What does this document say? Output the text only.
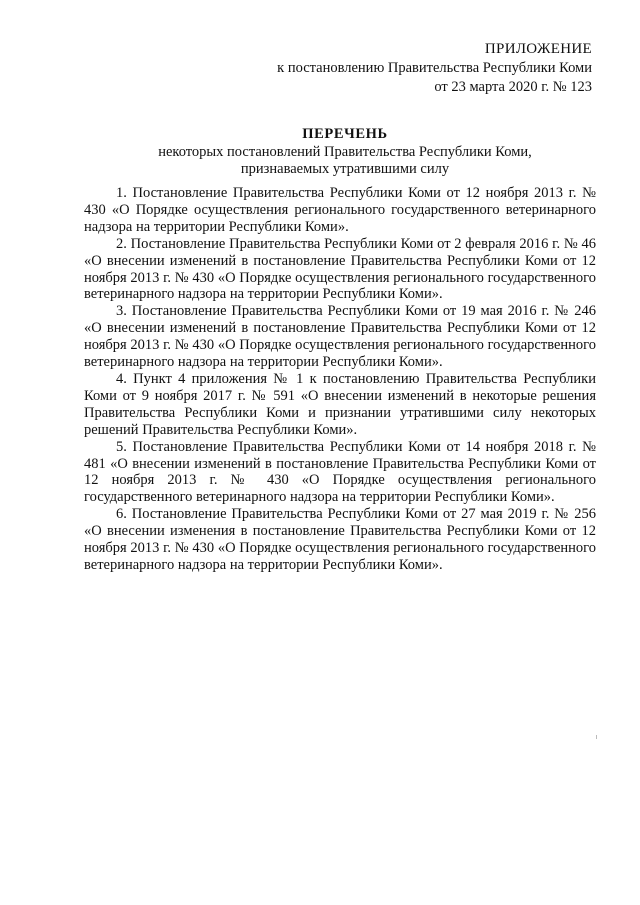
ПРИЛОЖЕНИЕ
к постановлению Правительства Республики Коми
от 23 марта 2020 г. № 123
ПЕРЕЧЕНЬ
некоторых постановлений Правительства Республики Коми,
признаваемых утратившими силу

1. Постановление Правительства Республики Коми от 12 ноября 2013 г. № 430 «О Порядке осуществления регионального государственного ветеринарного надзора на территории Республики Коми».

2. Постановление Правительства Республики Коми от 2 февраля 2016 г. № 46 «О внесении изменений в постановление Правительства Республики Коми от 12 ноября 2013 г. № 430 «О Порядке осуществления регионального государственного ветеринарного надзора на территории Республики Коми».

3. Постановление Правительства Республики Коми от 19 мая 2016 г. № 246 «О внесении изменений в постановление Правительства Республики Коми от 12 ноября 2013 г. № 430 «О Порядке осуществления регионального государственного ветеринарного надзора на территории Республики Коми».

4. Пункт 4 приложения № 1 к постановлению Правительства Республики Коми от 9 ноября 2017 г. № 591 «О внесении изменений в некоторые решения Правительства Республики Коми и признании утратившими силу некоторых решений Правительства Республики Коми».

5. Постановление Правительства Республики Коми от 14 ноября 2018 г. № 481 «О внесении изменений в постановление Правительства Республики Коми от 12 ноября 2013 г. № 430 «О Порядке осуществления регионального государственного ветеринарного надзора на территории Республики Коми».

6. Постановление Правительства Республики Коми от 27 мая 2019 г. № 256 «О внесении изменения в постановление Правительства Республики Коми от 12 ноября 2013 г. № 430 «О Порядке осуществления регионального государственного ветеринарного надзора на территории Республики Коми».
